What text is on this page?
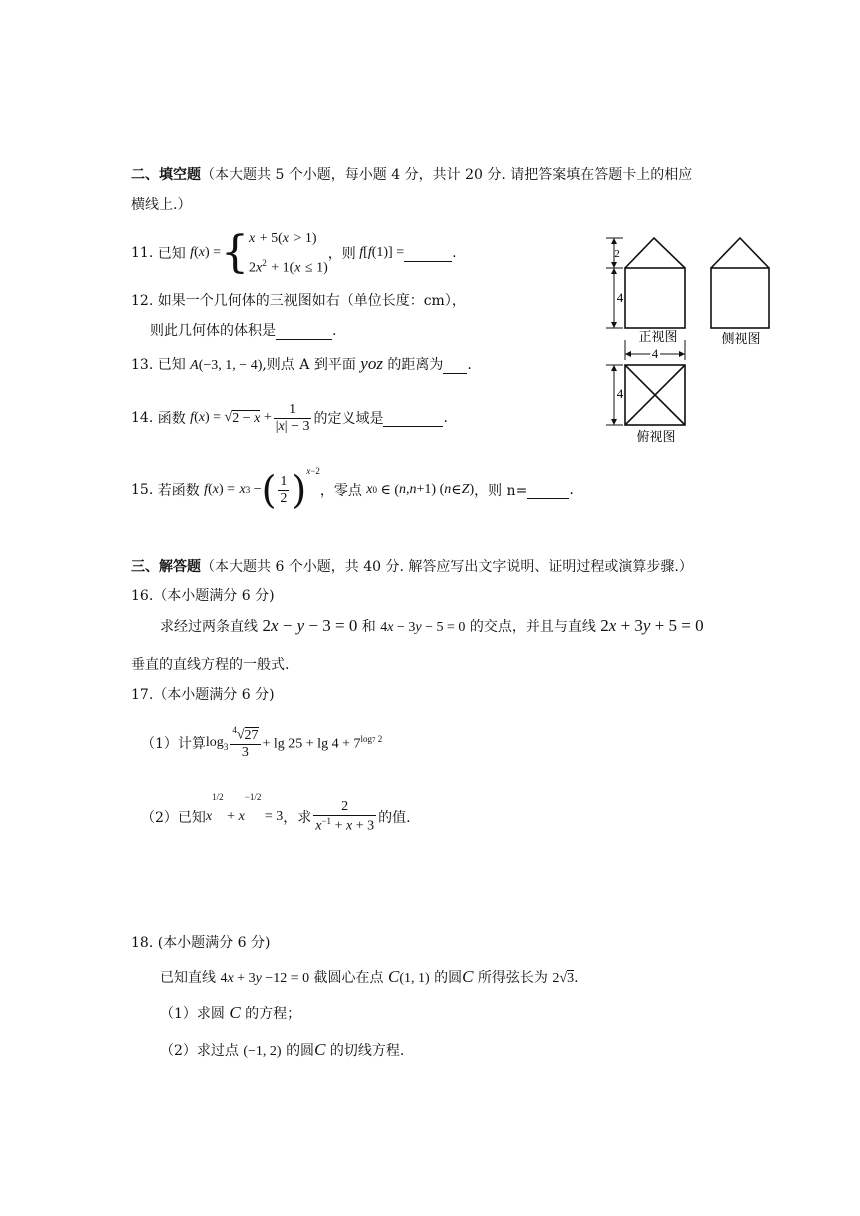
二、填空题（本大题共 5 个小题，每小题 4 分，共计 20 分. 请把答案填在答题卡上的相应
横线上.）
11.
已知
f ( x ) = { x + 5(x > 1)
$2x^2 + 1(x \le 1)$
，则 f [ f (1)] =
	.
12. 如果一个几何体的三视图如右（单位长度：cm），
则此几何体的体积是	.
13. 已知 A(−3, 1, − 4),则点 A 到平面 yoz 的距离为 .
14.
函数
f ( x ) = √ $2 - x + \frac{1}{|x| - 3}$ 的定义域是
	.
15.
若函数
f ( x ) =
x 3 − ( $\frac{1}{2}$ ) x−2
，零点
x 0 ∈ ( n , n +1) ( n ∈ Z ) ，则 n=
	.
2
4
4
4
正视图	侧视图
俯视图
三、解答题（本大题共 6 个小题，共 40 分. 解答应写出文字说明、证明过程或演算步骤.）
16.（本小题满分 6 分)
求经过两条直线 2x − y − 3 = 0 和 4x − 3y − 5 = 0 的交点，并且与直线 2x + 3y + 5 = 0
垂直的直线方程的一般式.
17.（本小题满分 6 分)
（1）计算 $\log_3 \frac{^4√27}{3} + \lg 25 + \lg 4 + 7^{log7 2}$
（2）已知 x
1/2
+ x
−1/2
= 3 ，求 $\frac{2}{x^{-1} + x + 3}$ 的值.
18. (本小题满分 6 分)
已知直线 4x + 3y −12 = 0 截圆心在点 C(1, 1) 的圆C 所得弦长为 2√3.
（1）求圆 C 的方程；
（2）求过点 (−1, 2) 的圆C 的切线方程.
